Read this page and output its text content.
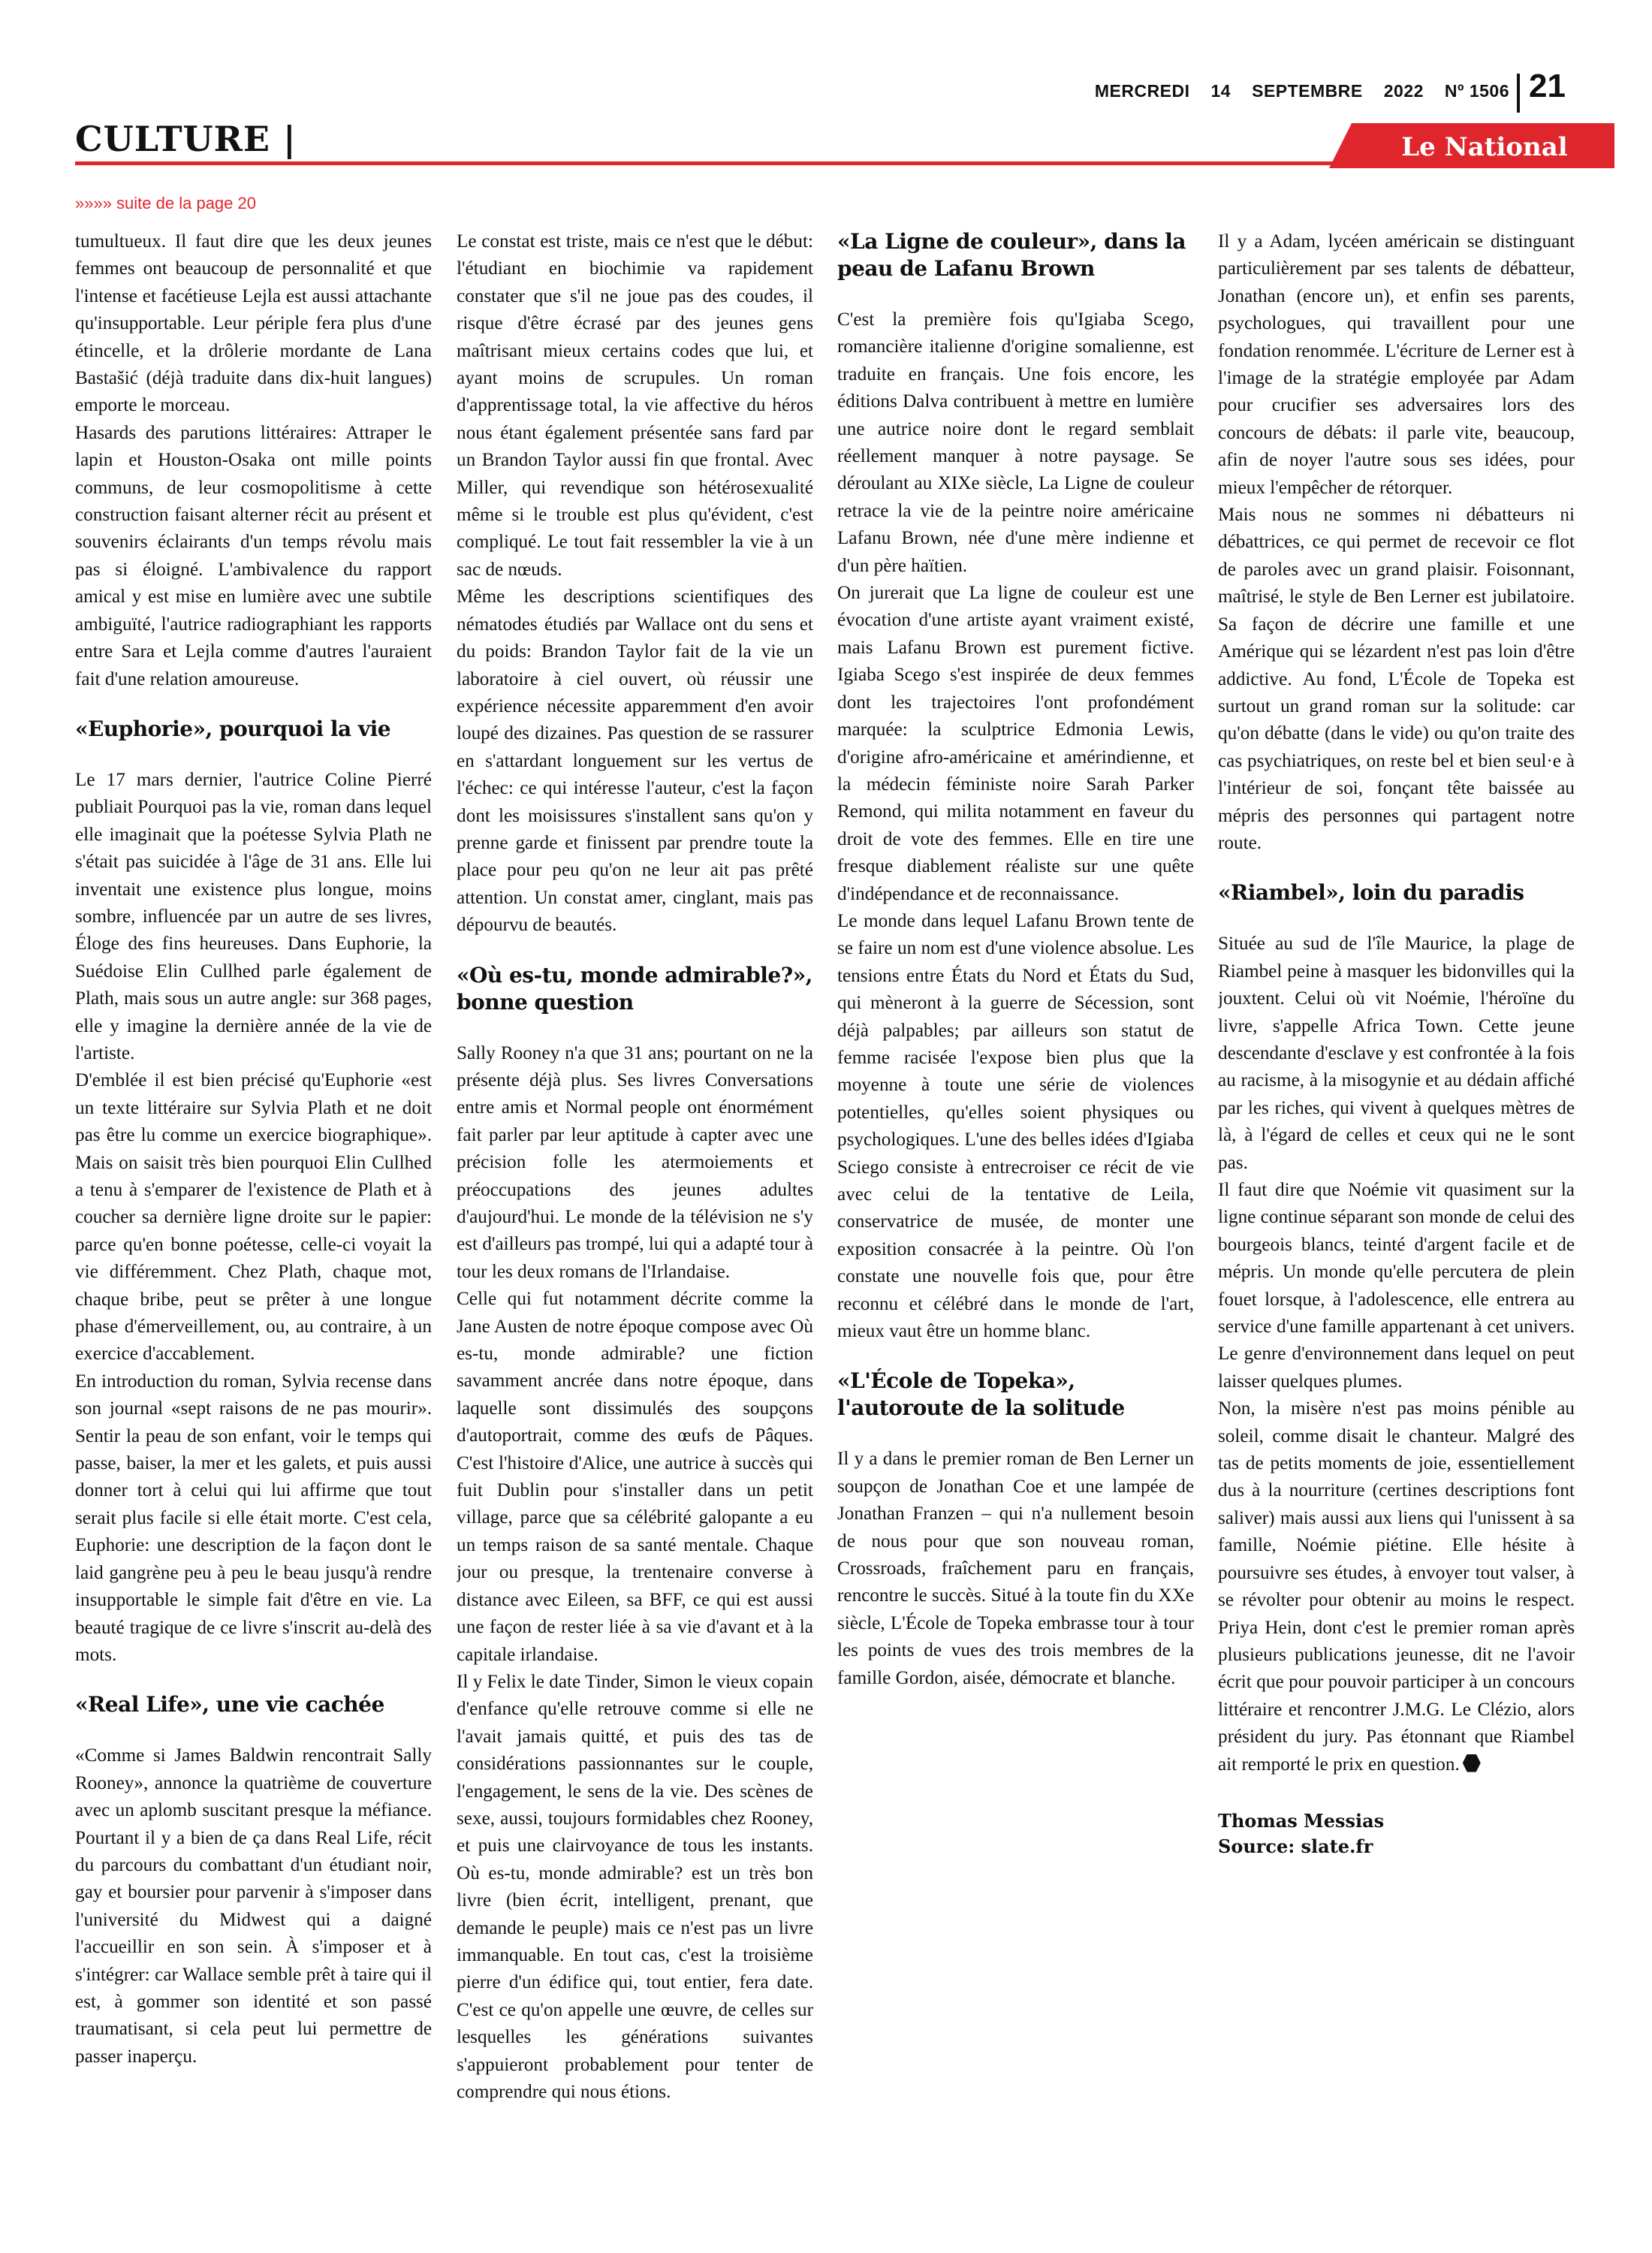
MERCREDI 14 SEPTEMBRE 2022 Nº 1506 21
CULTURE |	Le National
»»»» suite de la page 20

tumultueux. Il faut dire que les deux jeunes femmes ont beaucoup de personnalité et que l'intense et facétieuse Lejla est aussi attachante qu'insupportable. Leur périple fera plus d'une étincelle, et la drôlerie mordante de Lana Bastašić (déjà traduite dans dix-huit langues) emporte le morceau.

Hasards des parutions littéraires: Attraper le lapin et Houston-Osaka ont mille points communs, de leur cosmopolitisme à cette construction faisant alterner récit au présent et souvenirs éclairants d'un temps révolu mais pas si éloigné. L'ambivalence du rapport amical y est mise en lumière avec une subtile ambiguïté, l'autrice radiographiant les rapports entre Sara et Lejla comme d'autres l'auraient fait d'une relation amoureuse.

«Euphorie», pourquoi la vie

Le 17 mars dernier, l'autrice Coline Pierré publiait Pourquoi pas la vie, roman dans lequel elle imaginait que la poétesse Sylvia Plath ne s'était pas suicidée à l'âge de 31 ans. Elle lui inventait une existence plus longue, moins sombre, influencée par un autre de ses livres, Éloge des fins heureuses. Dans Euphorie, la Suédoise Elin Cullhed parle également de Plath, mais sous un autre angle: sur 368 pages, elle y imagine la dernière année de la vie de l'artiste.

D'emblée il est bien précisé qu'Euphorie «est un texte littéraire sur Sylvia Plath et ne doit pas être lu comme un exercice biographique». Mais on saisit très bien pourquoi Elin Cullhed a tenu à s'emparer de l'existence de Plath et à coucher sa dernière ligne droite sur le papier: parce qu'en bonne poétesse, celle-ci voyait la vie différemment. Chez Plath, chaque mot, chaque bribe, peut se prêter à une longue phase d'émerveillement, ou, au contraire, à un exercice d'accablement.

En introduction du roman, Sylvia recense dans son journal «sept raisons de ne pas mourir». Sentir la peau de son enfant, voir le temps qui passe, baiser, la mer et les galets, et puis aussi donner tort à celui qui lui affirme que tout serait plus facile si elle était morte. C'est cela, Euphorie: une description de la façon dont le laid gangrène peu à peu le beau jusqu'à rendre insupportable le simple fait d'être en vie. La beauté tragique de ce livre s'inscrit au-delà des mots.

«Real Life», une vie cachée

«Comme si James Baldwin rencontrait Sally Rooney», annonce la quatrième de couverture avec un aplomb suscitant presque la méfiance. Pourtant il y a bien de ça dans Real Life, récit du parcours du combattant d'un étudiant noir, gay et boursier pour parvenir à s'imposer dans l'université du Midwest qui a daigné l'accueillir en son sein. À s'imposer et à s'intégrer: car Wallace semble prêt à taire qui il est, à gommer son identité et son passé traumatisant, si cela peut lui permettre de passer inaperçu.

Le constat est triste, mais ce n'est que le début: l'étudiant en biochimie va rapidement constater que s'il ne joue pas des coudes, il risque d'être écrasé par des jeunes gens maîtrisant mieux certains codes que lui, et ayant moins de scrupules. Un roman d'apprentissage total, la vie affective du héros nous étant également présentée sans fard par un Brandon Taylor aussi fin que frontal. Avec Miller, qui revendique son hétérosexualité même si le trouble est plus qu'évident, c'est compliqué. Le tout fait ressembler la vie à un sac de nœuds.

Même les descriptions scientifiques des nématodes étudiés par Wallace ont du sens et du poids: Brandon Taylor fait de la vie un laboratoire à ciel ouvert, où réussir une expérience nécessite apparemment d'en avoir loupé des dizaines. Pas question de se rassurer en s'attardant longuement sur les vertus de l'échec: ce qui intéresse l'auteur, c'est la façon dont les moisissures s'installent sans qu'on y prenne garde et finissent par prendre toute la place pour peu qu'on ne leur ait pas prêté attention. Un constat amer, cinglant, mais pas dépourvu de beautés.

«Où es-tu, monde admirable?», bonne question

Sally Rooney n'a que 31 ans; pourtant on ne la présente déjà plus. Ses livres Conversations entre amis et Normal people ont énormément fait parler par leur aptitude à capter avec une précision folle les atermoiements et préoccupations des jeunes adultes d'aujourd'hui. Le monde de la télévision ne s'y est d'ailleurs pas trompé, lui qui a adapté tour à tour les deux romans de l'Irlandaise.

Celle qui fut notamment décrite comme la Jane Austen de notre époque compose avec Où es-tu, monde admirable? une fiction savamment ancrée dans notre époque, dans laquelle sont dissimulés des soupçons d'autoportrait, comme des œufs de Pâques. C'est l'histoire d'Alice, une autrice à succès qui fuit Dublin pour s'installer dans un petit village, parce que sa célébrité galopante a eu un temps raison de sa santé mentale. Chaque jour ou presque, la trentenaire converse à distance avec Eileen, sa BFF, ce qui est aussi une façon de rester liée à sa vie d'avant et à la capitale irlandaise.

Il y Felix le date Tinder, Simon le vieux copain d'enfance qu'elle retrouve comme si elle ne l'avait jamais quitté, et puis des tas de considérations passionnantes sur le couple, l'engagement, le sens de la vie. Des scènes de sexe, aussi, toujours formidables chez Rooney, et puis une clairvoyance de tous les instants. Où es-tu, monde admirable? est un très bon livre (bien écrit, intelligent, prenant, que demande le peuple) mais ce n'est pas un livre immanquable. En tout cas, c'est la troisième pierre d'un édifice qui, tout entier, fera date. C'est ce qu'on appelle une œuvre, de celles sur lesquelles les générations suivantes s'appuieront probablement pour tenter de comprendre qui nous étions.

«La Ligne de couleur», dans la peau de Lafanu Brown

C'est la première fois qu'Igiaba Scego, romancière italienne d'origine somalienne, est traduite en français. Une fois encore, les éditions Dalva contribuent à mettre en lumière une autrice noire dont le regard semblait réellement manquer à notre paysage. Se déroulant au XIXe siècle, La Ligne de couleur retrace la vie de la peintre noire américaine Lafanu Brown, née d'une mère indienne et d'un père haïtien.

On jurerait que La ligne de couleur est une évocation d'une artiste ayant vraiment existé, mais Lafanu Brown est purement fictive. Igiaba Scego s'est inspirée de deux femmes dont les trajectoires l'ont profondément marquée: la sculptrice Edmonia Lewis, d'origine afro-américaine et amérindienne, et la médecin féministe noire Sarah Parker Remond, qui milita notamment en faveur du droit de vote des femmes. Elle en tire une fresque diablement réaliste sur une quête d'indépendance et de reconnaissance.

Le monde dans lequel Lafanu Brown tente de se faire un nom est d'une violence absolue. Les tensions entre États du Nord et États du Sud, qui mèneront à la guerre de Sécession, sont déjà palpables; par ailleurs son statut de femme racisée l'expose bien plus que la moyenne à toute une série de violences potentielles, qu'elles soient physiques ou psychologiques. L'une des belles idées d'Igiaba Sciego consiste à entrecroiser ce récit de vie avec celui de la tentative de Leila, conservatrice de musée, de monter une exposition consacrée à la peintre. Où l'on constate une nouvelle fois que, pour être reconnu et célébré dans le monde de l'art, mieux vaut être un homme blanc.

«L'École de Topeka», l'autoroute de la solitude

Il y a dans le premier roman de Ben Lerner un soupçon de Jonathan Coe et une lampée de Jonathan Franzen – qui n'a nullement besoin de nous pour que son nouveau roman, Crossroads, fraîchement paru en français, rencontre le succès. Situé à la toute fin du XXe siècle, L'École de Topeka embrasse tour à tour les points de vues des trois membres de la famille Gordon, aisée, démocrate et blanche.

Il y a Adam, lycéen américain se distinguant particulièrement par ses talents de débatteur, Jonathan (encore un), et enfin ses parents, psychologues, qui travaillent pour une fondation renommée. L'écriture de Lerner est à l'image de la stratégie employée par Adam pour crucifier ses adversaires lors des concours de débats: il parle vite, beaucoup, afin de noyer l'autre sous ses idées, pour mieux l'empêcher de rétorquer.

Mais nous ne sommes ni débatteurs ni débattrices, ce qui permet de recevoir ce flot de paroles avec un grand plaisir. Foisonnant, maîtrisé, le style de Ben Lerner est jubilatoire. Sa façon de décrire une famille et une Amérique qui se lézardent n'est pas loin d'être addictive. Au fond, L'École de Topeka est surtout un grand roman sur la solitude: car qu'on débatte (dans le vide) ou qu'on traite des cas psychiatriques, on reste bel et bien seul·e à l'intérieur de soi, fonçant tête baissée au mépris des personnes qui partagent notre route.

«Riambel», loin du paradis

Située au sud de l'île Maurice, la plage de Riambel peine à masquer les bidonvilles qui la jouxtent. Celui où vit Noémie, l'héroïne du livre, s'appelle Africa Town. Cette jeune descendante d'esclave y est confrontée à la fois au racisme, à la misogynie et au dédain affiché par les riches, qui vivent à quelques mètres de là, à l'égard de celles et ceux qui ne le sont pas.

Il faut dire que Noémie vit quasiment sur la ligne continue séparant son monde de celui des bourgeois blancs, teinté d'argent facile et de mépris. Un monde qu'elle percutera de plein fouet lorsque, à l'adolescence, elle entrera au service d'une famille appartenant à cet univers. Le genre d'environnement dans lequel on peut laisser quelques plumes.

Non, la misère n'est pas moins pénible au soleil, comme disait le chanteur. Malgré des tas de petits moments de joie, essentiellement dus à la nourriture (certines descriptions font saliver) mais aussi aux liens qui l'unissent à sa famille, Noémie piétine. Elle hésite à poursuivre ses études, à envoyer tout valser, à se révolter pour obtenir au moins le respect. Priya Hein, dont c'est le premier roman après plusieurs publications jeunesse, dit ne l'avoir écrit que pour pouvoir participer à un concours littéraire et rencontrer J.M.G. Le Clézio, alors président du jury. Pas étonnant que Riambel ait remporté le prix en question.

Thomas Messias
Source: slate.fr
